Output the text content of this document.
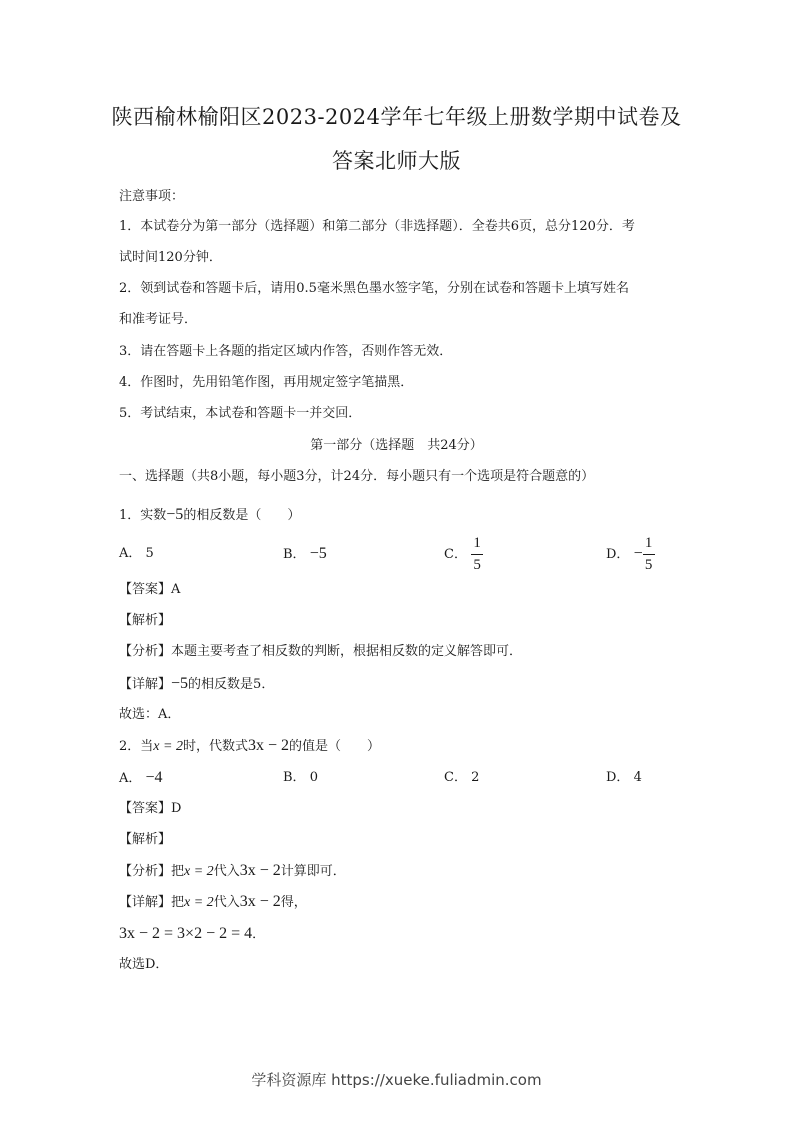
陕西榆林榆阳区2023-2024学年七年级上册数学期中试卷及
答案北师大版
注意事项：
1．本试卷分为第一部分（选择题）和第二部分（非选择题）．全卷共6页，总分120分．考
试时间120分钟．
2．领到试卷和答题卡后，请用0.5毫米黑色墨水签字笔，分别在试卷和答题卡上填写姓名
和准考证号．
3．请在答题卡上各题的指定区域内作答，否则作答无效．
4．作图时，先用铅笔作图，再用规定签字笔描黑．
5．考试结束，本试卷和答题卡一并交回．
第一部分（选择题　共24分）
一、选择题（共8小题，每小题3分，计24分．每小题只有一个选项是符合题意的）
1．实数−5的相反数是（　　）
A． 5	B． −5	C． $\frac{1}{5}$	D． − $\frac{1}{5}$
【答案】A
【解析】
【分析】本题主要考查了相反数的判断，根据相反数的定义解答即可．
【详解】−5的相反数是5．
故选：A．
2．当x = 2时，代数式3x − 2的值是（　　）
A． −4	B． 0	C． 2	D． 4
【答案】D
【解析】
【分析】把x = 2代入3x − 2计算即可．
【详解】把x = 2代入3x − 2得，
3x − 2 = 3×2 − 2 = 4．
故选D．
学科资源库 https://xueke.fuliadmin.com
